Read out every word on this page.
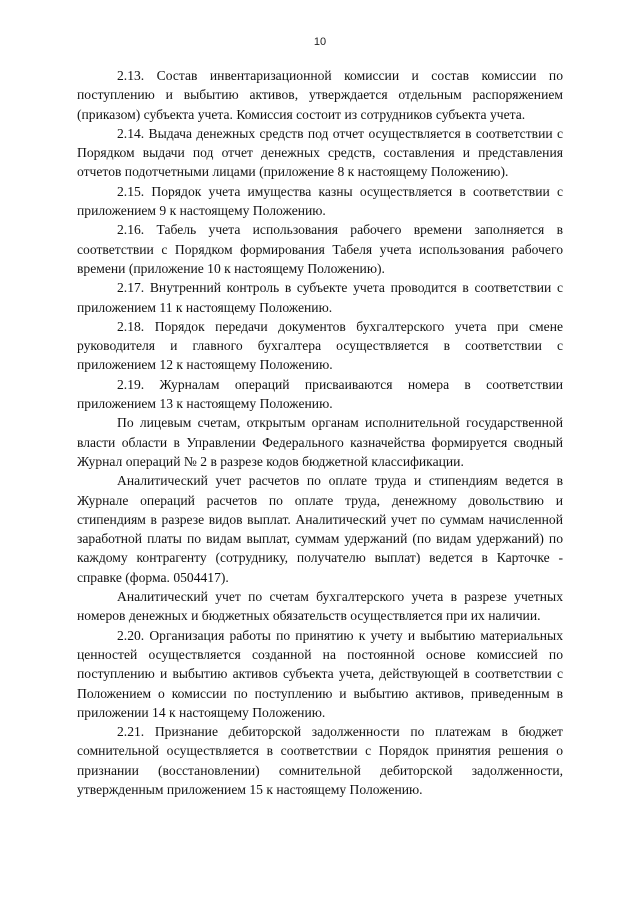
10

2.13. Состав инвентаризационной комиссии и состав комиссии по поступлению и выбытию активов, утверждается отдельным распоряжением (приказом) субъекта учета. Комиссия состоит из сотрудников субъекта учета.

2.14. Выдача денежных средств под отчет осуществляется в соответствии с Порядком выдачи под отчет денежных средств, составления и представления отчетов подотчетными лицами (приложение 8 к настоящему Положению).

2.15. Порядок учета имущества казны осуществляется в соответствии с приложением 9 к настоящему Положению.

2.16. Табель учета использования рабочего времени заполняется в соответствии с Порядком формирования Табеля учета использования рабочего времени (приложение 10 к настоящему Положению).

2.17. Внутренний контроль в субъекте учета проводится в соответствии с приложением 11 к настоящему Положению.

2.18. Порядок передачи документов бухгалтерского учета при смене руководителя и главного бухгалтера осуществляется в соответствии с приложением 12 к настоящему Положению.

2.19. Журналам операций присваиваются номера в соответствии приложением 13 к настоящему Положению.

По лицевым счетам, открытым органам исполнительной государственной власти области в Управлении Федерального казначейства формируется сводный Журнал операций № 2 в разрезе кодов бюджетной классификации.

Аналитический учет расчетов по оплате труда и стипендиям ведется в Журнале операций расчетов по оплате труда, денежному довольствию и стипендиям в разрезе видов выплат. Аналитический учет по суммам начисленной заработной платы по видам выплат, суммам удержаний (по видам удержаний) по каждому контрагенту (сотруднику, получателю выплат) ведется в Карточке - справке (форма. 0504417).

Аналитический учет по счетам бухгалтерского учета в разрезе учетных номеров денежных и бюджетных обязательств осуществляется при их наличии.

2.20. Организация работы по принятию к учету и выбытию материальных ценностей осуществляется созданной на постоянной основе комиссией по поступлению и выбытию активов субъекта учета, действующей в соответствии с Положением о комиссии по поступлению и выбытию активов, приведенным в приложении 14 к настоящему Положению.

2.21. Признание дебиторской задолженности по платежам в бюджет сомнительной осуществляется в соответствии с Порядок принятия решения о признании (восстановлении) сомнительной дебиторской задолженности, утвержденным приложением 15 к настоящему Положению.
